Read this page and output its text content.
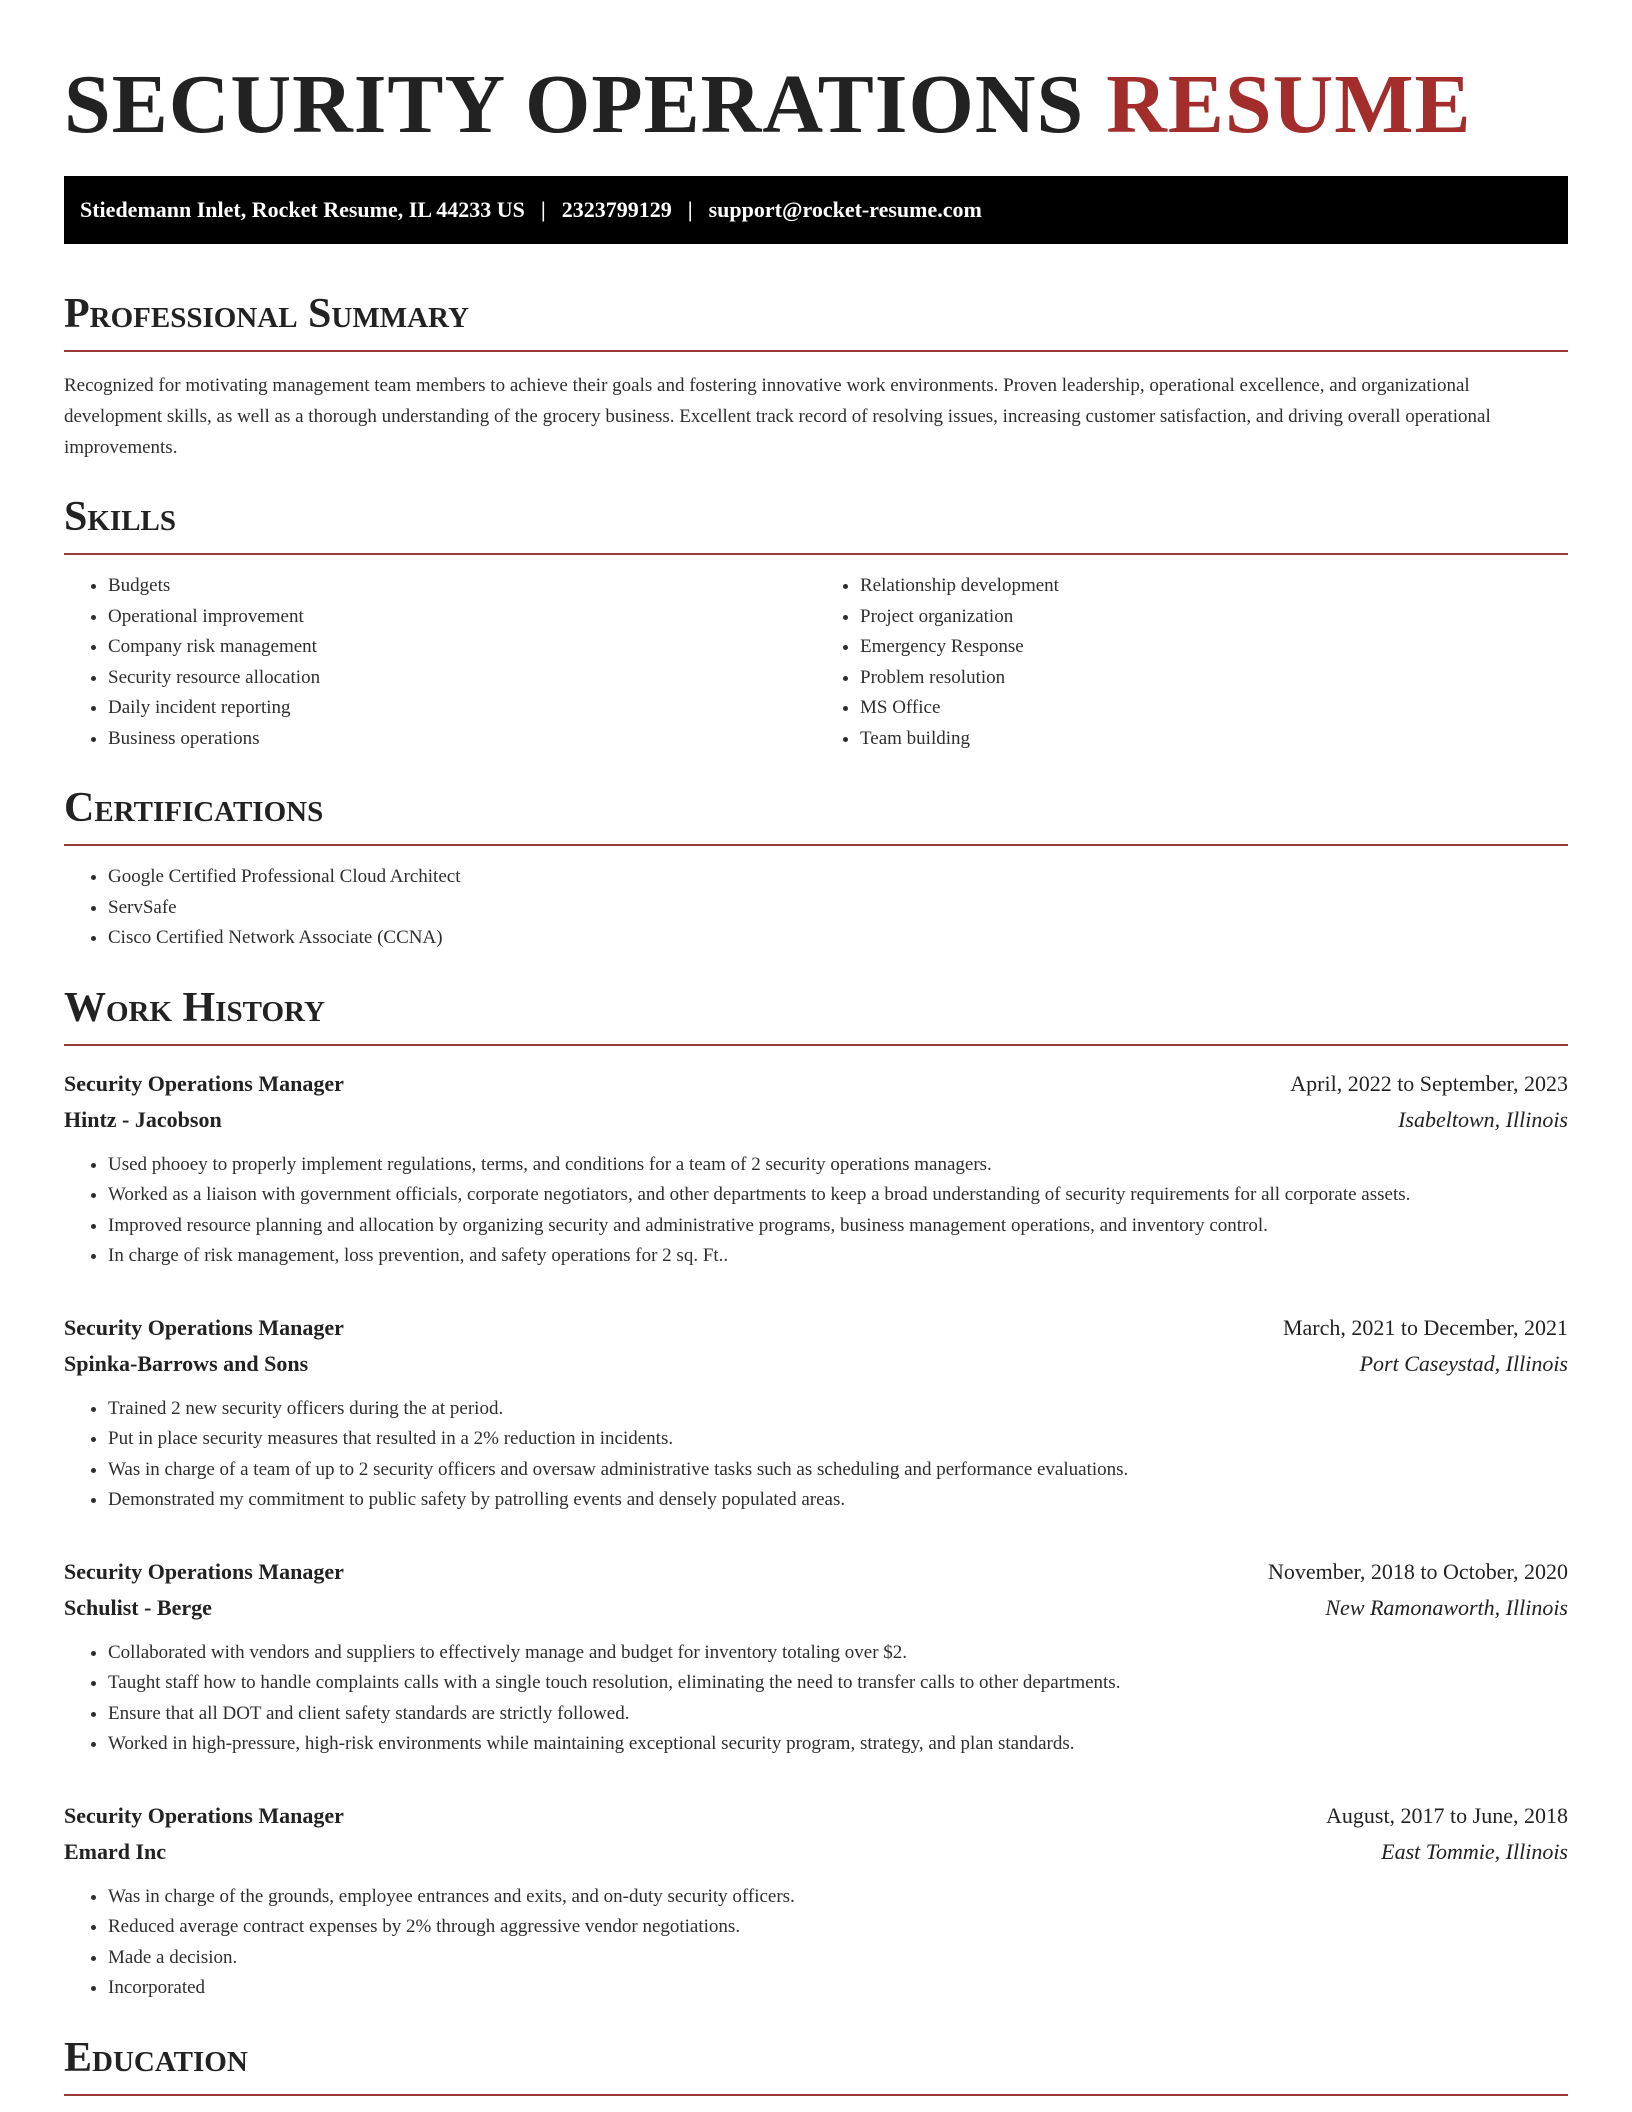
SECURITY OPERATIONS RESUME
Stiedemann Inlet, Rocket Resume, IL 44233 US | 2323799129 | support@rocket-resume.com
Professional Summary

Recognized for motivating management team members to achieve their goals and fostering innovative work environments. Proven leadership, operational excellence, and organizational development skills, as well as a thorough understanding of the grocery business. Excellent track record of resolving issues, increasing customer satisfaction, and driving overall operational improvements.

Skills
• Budgets
• Operational improvement
• Company risk management
• Security resource allocation
• Daily incident reporting
• Business operations
• Relationship development
• Project organization
• Emergency Response
• Problem resolution
• MS Office
• Team building
Certifications
• Google Certified Professional Cloud Architect
• ServSafe
• Cisco Certified Network Associate (CCNA)
Work History
Security Operations Manager	April, 2022 to September, 2023
Hintz - Jacobson	Isabeltown, Illinois
• Used phooey to properly implement regulations, terms, and conditions for a team of 2 security operations managers.
• Worked as a liaison with government officials, corporate negotiators, and other departments to keep a broad understanding of security requirements for all corporate assets.
• Improved resource planning and allocation by organizing security and administrative programs, business management operations, and inventory control.
• In charge of risk management, loss prevention, and safety operations for 2 sq. Ft..
Security Operations Manager	March, 2021 to December, 2021
Spinka-Barrows and Sons	Port Caseystad, Illinois
• Trained 2 new security officers during the at period.
• Put in place security measures that resulted in a 2% reduction in incidents.
• Was in charge of a team of up to 2 security officers and oversaw administrative tasks such as scheduling and performance evaluations.
• Demonstrated my commitment to public safety by patrolling events and densely populated areas.
Security Operations Manager	November, 2018 to October, 2020
Schulist - Berge	New Ramonaworth, Illinois
• Collaborated with vendors and suppliers to effectively manage and budget for inventory totaling over $2.
• Taught staff how to handle complaints calls with a single touch resolution, eliminating the need to transfer calls to other departments.
• Ensure that all DOT and client safety standards are strictly followed.
• Worked in high-pressure, high-risk environments while maintaining exceptional security program, strategy, and plan standards.
Security Operations Manager	August, 2017 to June, 2018
Emard Inc	East Tommie, Illinois
• Was in charge of the grounds, employee entrances and exits, and on-duty security officers.
• Reduced average contract expenses by 2% through aggressive vendor negotiations.
• Made a decision.
• Incorporated
Education
